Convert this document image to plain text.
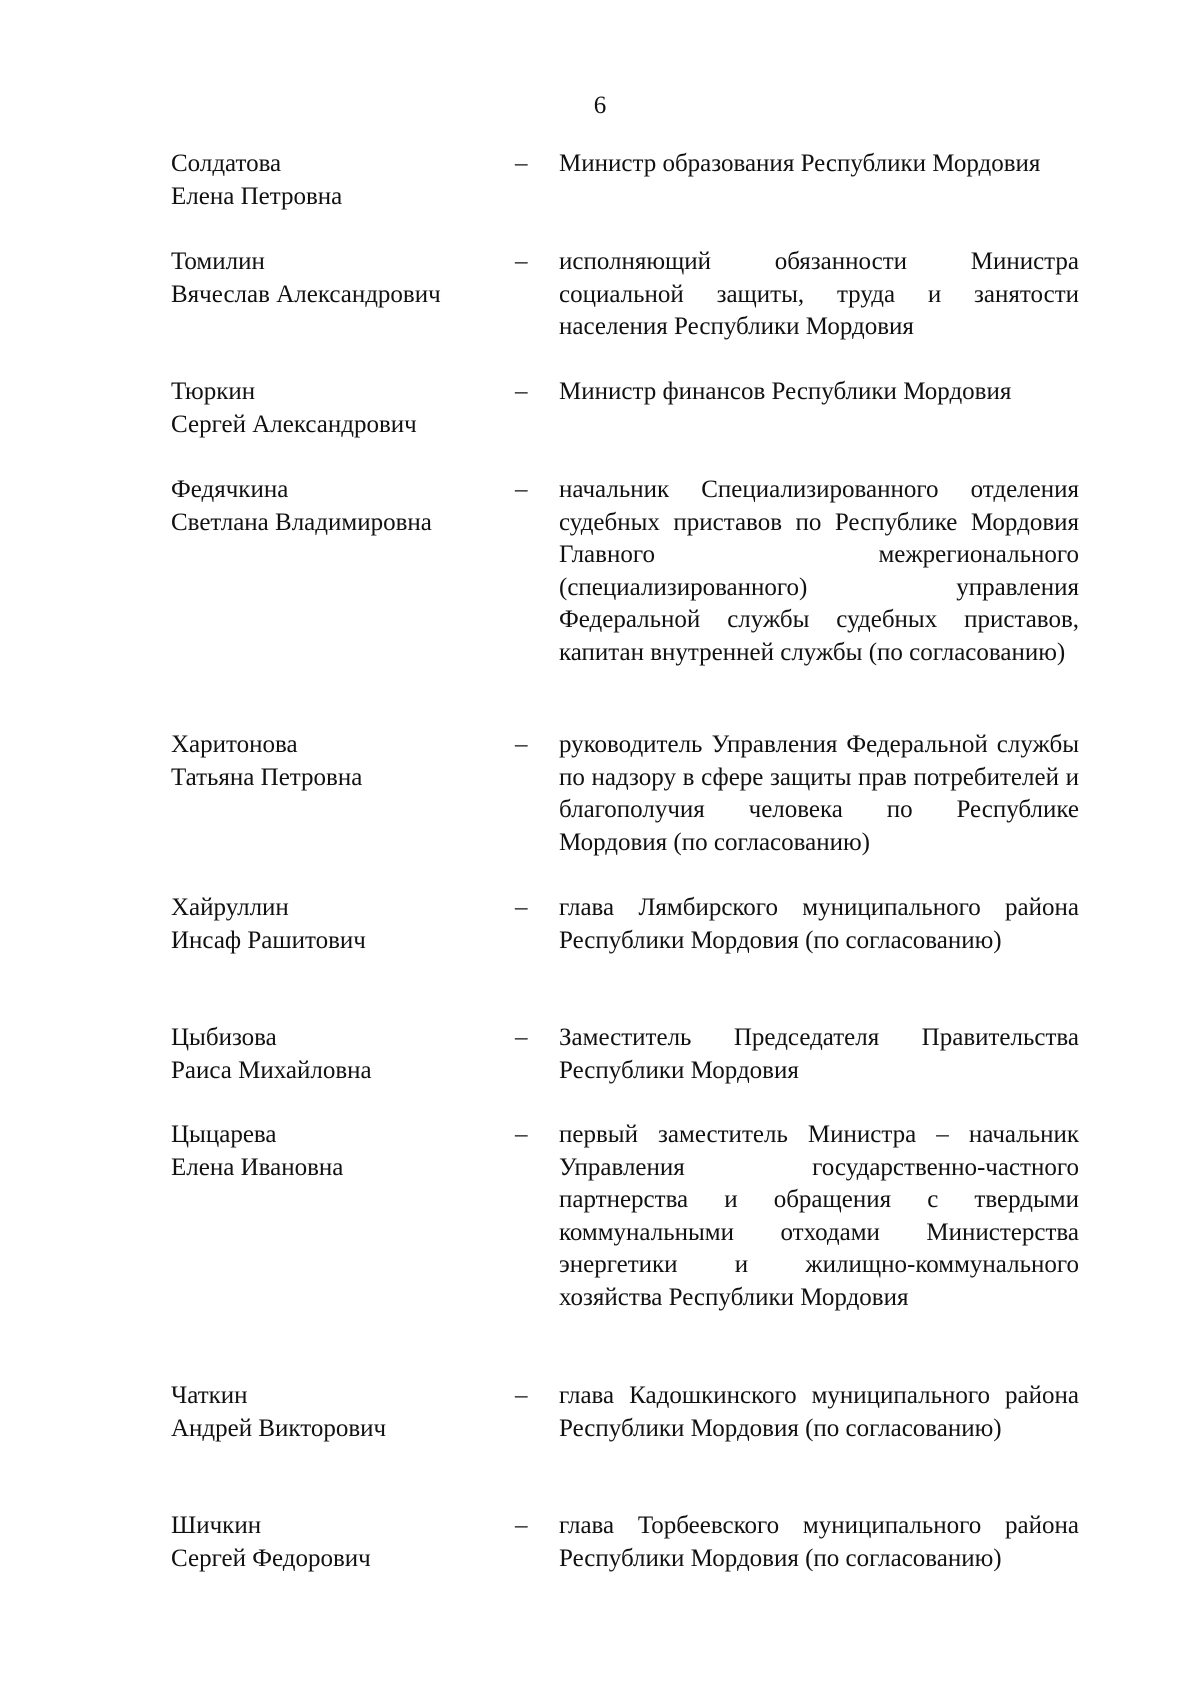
6
Солдатова
Елена Петровна
– Министр образования Республики Мордовия
Томилин
Вячеслав Александрович
– исполняющий обязанности Министра социальной защиты, труда и занятости населения Республики Мордовия
Тюркин
Сергей Александрович
– Министр финансов Республики Мордовия
Федячкина
Светлана Владимировна
– начальник Специализированного отделения судебных приставов по Республике Мордовия Главного межрегионального (специализированного) управления Федеральной службы судебных приставов, капитан внутренней службы (по согласованию)
Харитонова
Татьяна Петровна
– руководитель Управления Федеральной службы по надзору в сфере защиты прав потребителей и благополучия человека по Республике Мордовия (по согласованию)
Хайруллин
Инсаф Рашитович
– глава Лямбирского муниципального района Республики Мордовия (по согласованию)
Цыбизова
Раиса Михайловна
– Заместитель Председателя Правительства Республики Мордовия
Цыцарева
Елена Ивановна
– первый заместитель Министра – начальник Управления государственно-частного партнерства и обращения с твердыми коммунальными отходами Министерства энергетики и жилищно-коммунального хозяйства Республики Мордовия
Чаткин
Андрей Викторович
– глава Кадошкинского муниципального района Республики Мордовия (по согласованию)
Шичкин
Сергей Федорович
– глава Торбеевского муниципального района Республики Мордовия (по согласованию)
